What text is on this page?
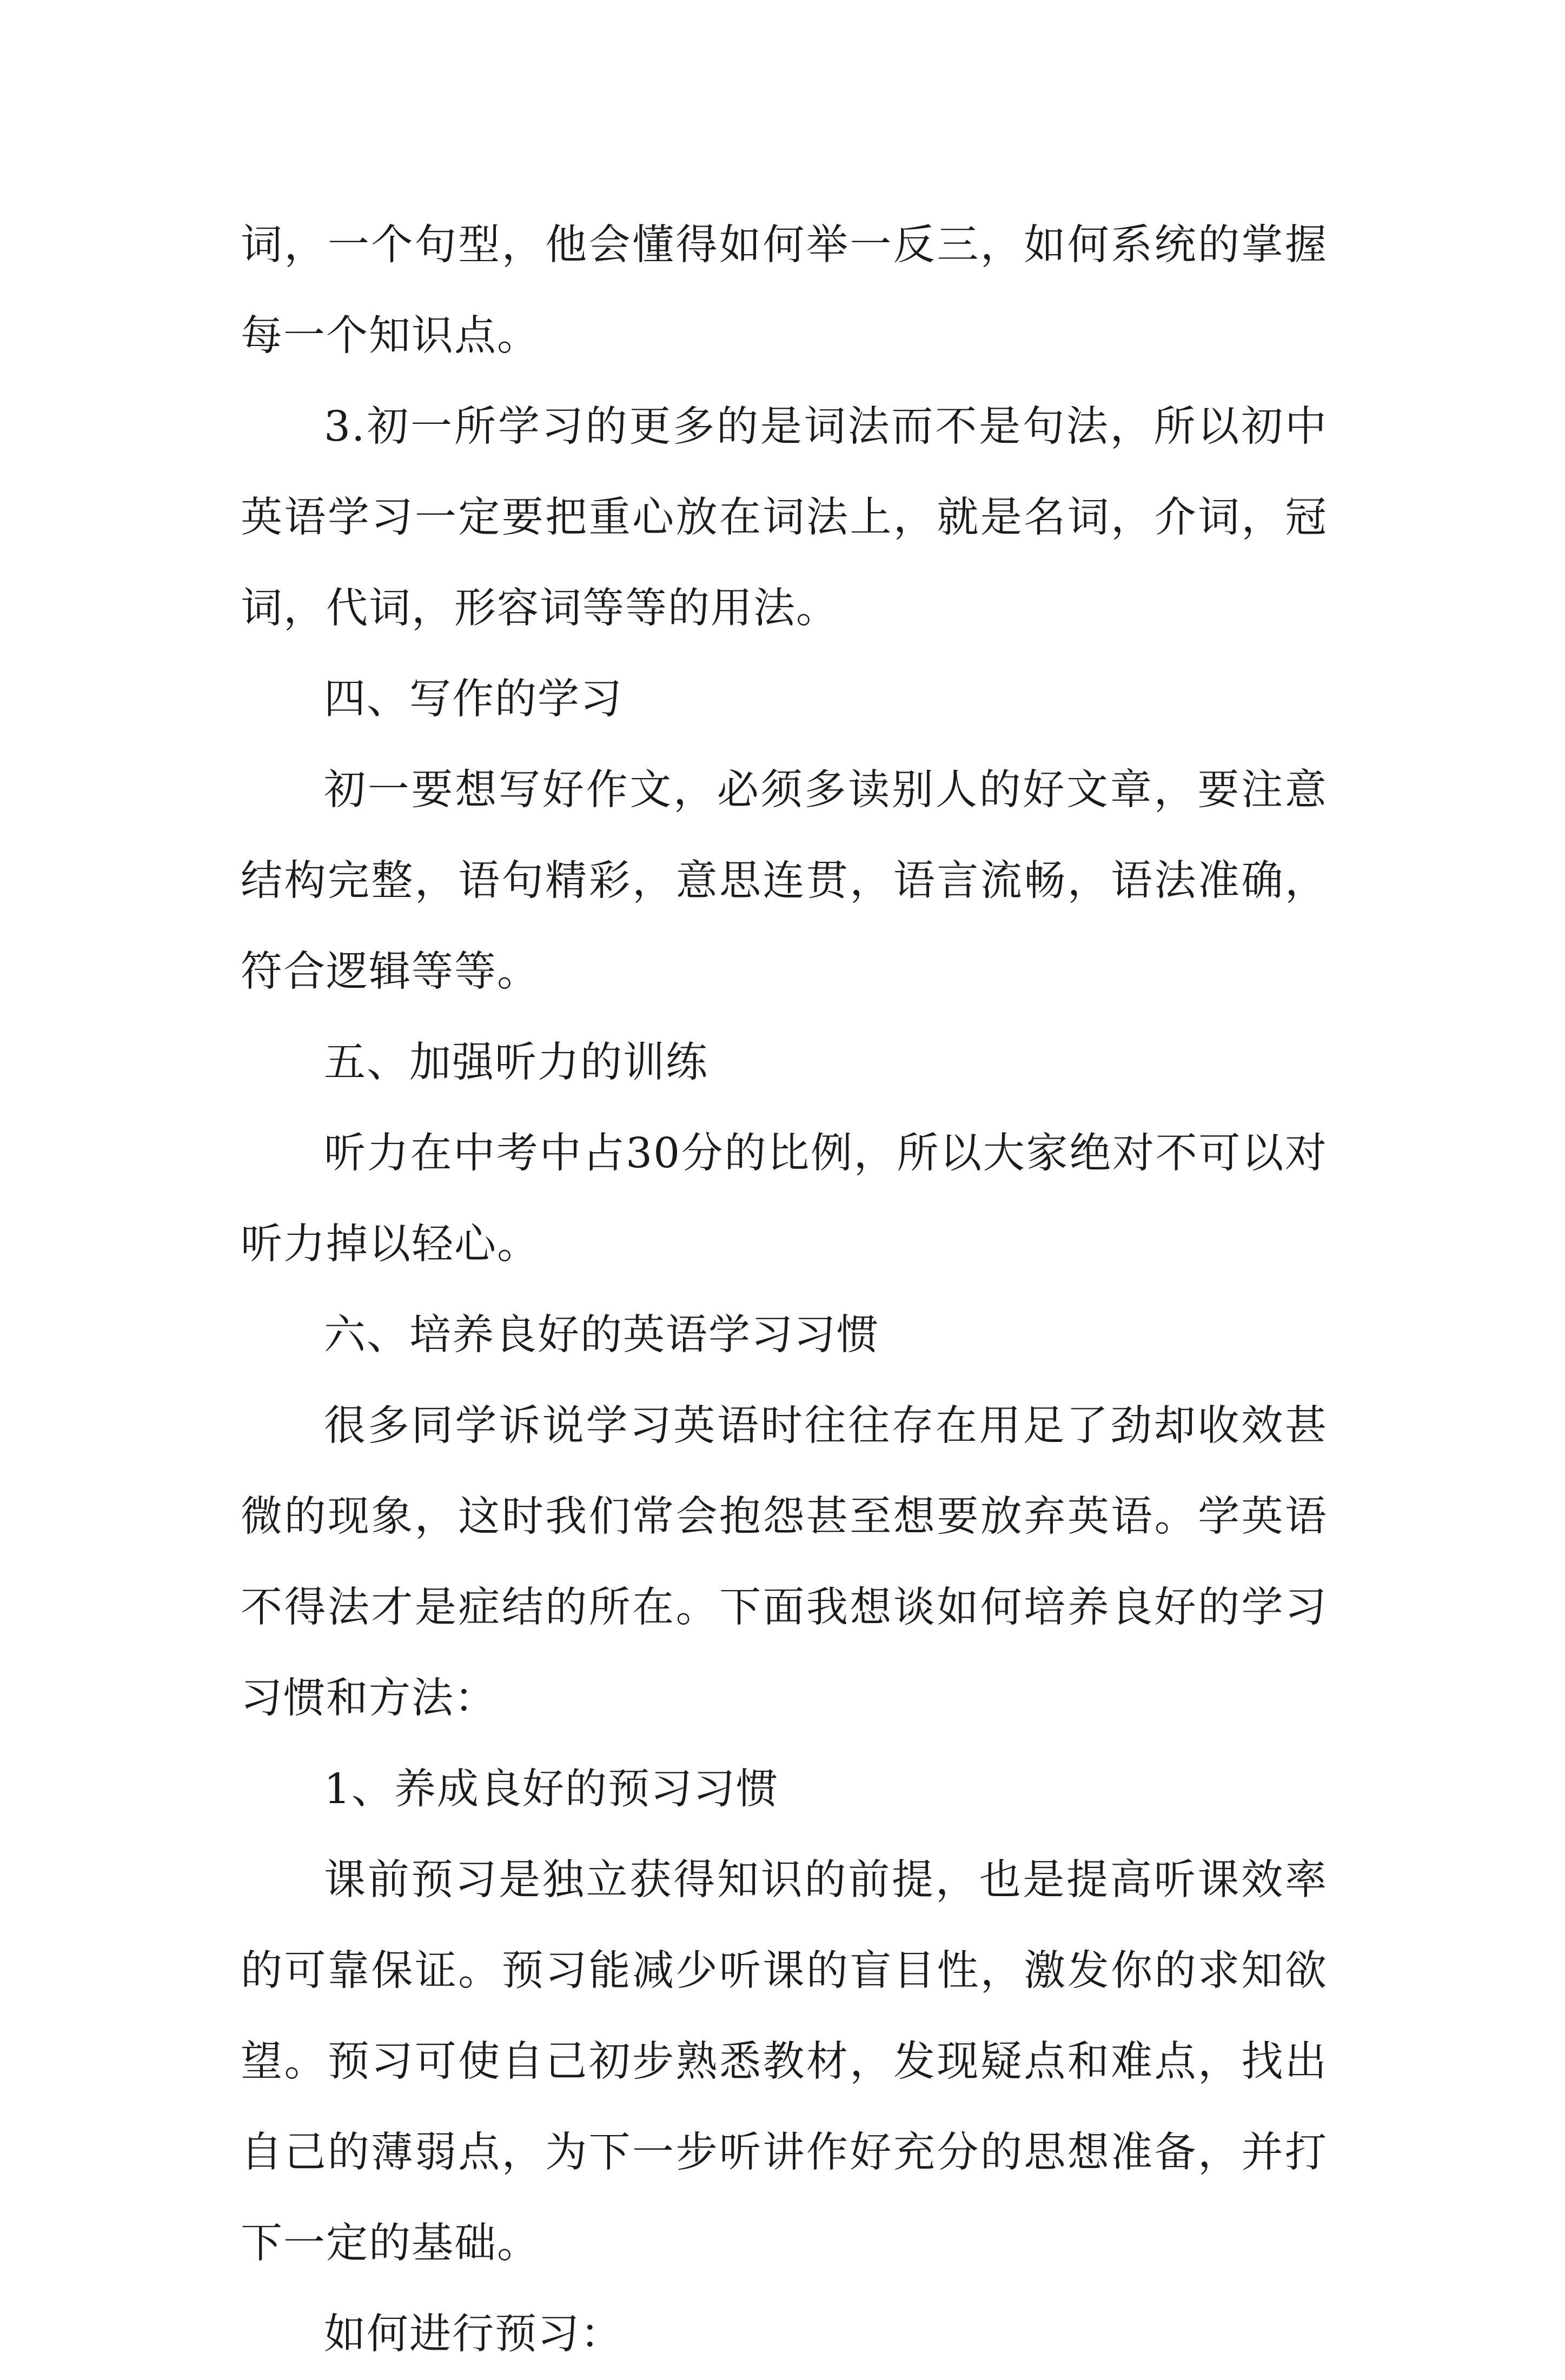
词，一个句型，他会懂得如何举一反三，如何系统的掌握每一个知识点。

3.初一所学习的更多的是词法而不是句法，所以初中英语学习一定要把重心放在词法上，就是名词，介词，冠词，代词，形容词等等的用法。

四、写作的学习

初一要想写好作文，必须多读别人的好文章，要注意结构完整，语句精彩，意思连贯，语言流畅，语法准确，符合逻辑等等。

五、加强听力的训练

听力在中考中占30分的比例，所以大家绝对不可以对听力掉以轻心。

六、培养良好的英语学习习惯

很多同学诉说学习英语时往往存在用足了劲却收效甚微的现象，这时我们常会抱怨甚至想要放弃英语。学英语不得法才是症结的所在。下面我想谈如何培养良好的学习习惯和方法：

1、养成良好的预习习惯

课前预习是独立获得知识的前提，也是提高听课效率的可靠保证。预习能减少听课的盲目性，激发你的求知欲望。预习可使自己初步熟悉教材，发现疑点和难点，找出自己的薄弱点，为下一步听讲作好充分的思想准备，并打下一定的基础。

如何进行预习：
